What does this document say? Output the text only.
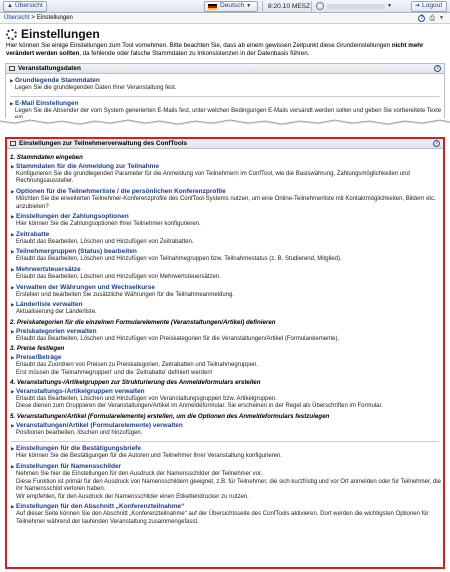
▲ Übersicht	Deutsch ▼	8:20.10 MESZ	▼	➜ Logout
Übersicht > Einstellungen	? ⎙ ▼
Einstellungen
Hier können Sie einige Einstellungen zum Tool vornehmen. Bitte beachten Sie, dass ab einem gewissen Zeitpunkt diese Grundeinstellungen nicht mehr verändert werden sollten, da fehlende oder falsche Stammdaten zu Inkonsistenzen in der Datenbasis führen.
Veranstaltungsdaten	?
▶ Grundlegende Stammdaten
Legen Sie die grundlegenden Daten Ihrer Veranstaltung fest.
▶ E-Mail Einstellungen
Legen Sie die Absender der vom System generierten E-Mails fest, unter welchen Bedingungen E-Mails versandt werden sollen und geben Sie vorbereitete Texte
Einstellungen zur Teilnehmerverwaltung des ConfTools	?
1. Stammdaten eingeben
▶ Stammdaten für die Anmeldung zur Teilnahme
Konfigurieren Sie die grundlegenden Parameter für die Anmeldung von Teilnehmern im ConfTool, wie die Basiswährung, Zahlungsmöglichkeiten und Rechnungsaussteller.
▶ Optionen für die Teilnehmerliste / die persönlichen Konferenzprofile
Möchten Sie die erweiterten Teilnehmer-Konferenzprofile des ConfTool-Systems nutzen, um eine Online-Teilnehmerliste mit Kontaktmöglichkeiten, Bildern etc. anzubieten?
▶ Einstellungen der Zahlungsoptionen
Hier können Sie die Zahlungsoptionen Ihrer Teilnehmer konfigurieren.
▶ Zeitrabatte
Erlaubt das Bearbeiten, Löschen und Hinzufügen von Zeitrabatten.
▶ Teilnehmergruppen (Status) bearbeiten
Erlaubt das Bearbeiten, Löschen und Hinzufügen von Teilnahmegruppen bzw. Teilnahmestatus (z. B. Studierend, Mitglied).
▶ Mehrwertsteuersätze
Erlaubt das Bearbeiten, Löschen und Hinzufügen von Mehrwertsteuersätzen.
▶ Verwalten der Währungen und Wechselkurse
Erstellen und bearbeiten Sie zusätzliche Währungen für die Teilnahmeanmeldung.
▶ Länderliste verwalten
Aktualisierung der Länderliste.
2. Preiskategorien für die einzelnen Formularelemente (Veranstaltungen/Artikel) definieren
▶ Preiskategorien verwalten
Erlaubt das Bearbeiten, Löschen und Hinzufügen von Preiskategorien für die Veranstaltungen/Artikel (Formularelemente).
3. Preise festlegen
▶ Preise/Beträge
Erlaubt das Zuordnen von Preisen zu Preiskategorien, Zeitrabatten und Teilnahmegruppen.
Erst müssen die 'Teilnahmegruppen' und die 'Zeitrabatte' definiert werden!
4. Veranstaltungs-/Artikelgruppen zur Strukturierung des Anmeldeformulars erstellen
▶ Veranstaltungs-/Artikelgruppen verwalten
Erlaubt das Bearbeiten, Löschen und Hinzufügen von Veranstaltungsgruppen bzw. Artikelgruppen.
Diese dienen zum Gruppieren der Veranstaltungen/Artikel im Anmeldeformular. Sie erscheinen in der Regel als Überschriften im Formular.
5. Veranstaltungen/Artikel (Formularelemente) erstellen, um die Optionen des Anmeldeformulars festzulegen
▶ Veranstaltungen/Artikel (Formularelemente) verwalten
Positionen bearbeiten, löschen und hinzufügen.
▶ Einstellungen für die Bestätigungsbriefe
Hier können Sie die Bestätigungen für die Autoren und Teilnehmer Ihrer Veranstaltung konfigurieren.
▶ Einstellungen für Namensschilder
Nehmen Sie hier die Einstellungen für den Ausdruck der Namensschilder der Teilnehmer vor.
Diese Funktion ist primär für den Ausdruck von Namensschildern geeignet, z.B. für Teilnehmer, die sich kurzfristig und vor Ort anmelden oder für Teilnehmer, die ihr Namensschild verloren haben.
Wir empfehlen, für den Ausdruck der Namensschilder einen Etikettendrucker zu nutzen.
▶ Einstellungen für den Abschnitt „Konferenzteilnahme“
Auf dieser Seite können Sie den Abschnitt „Konferenzteilnahme“ auf der Übersichtsseite des ConfTools aktivieren. Dort werden die wichtigsten Optionen für Teilnehmer während der laufenden Veranstaltung zusammengefasst.
